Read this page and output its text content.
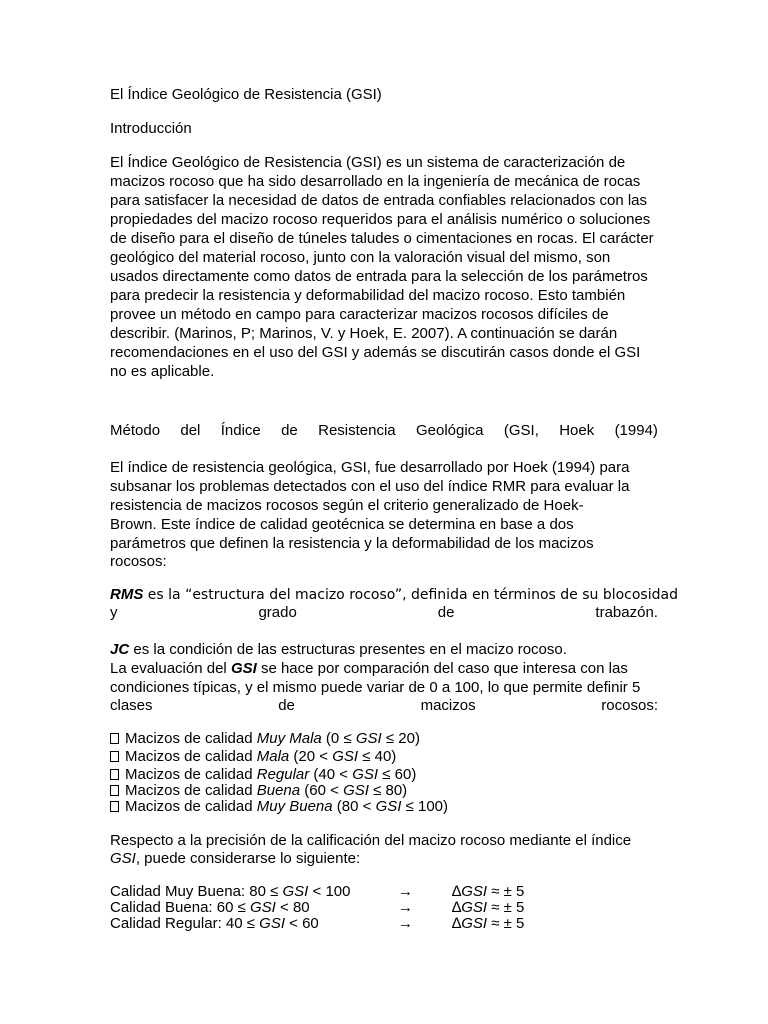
El Índice Geológico de Resistencia (GSI)
Introducción
El Índice Geológico de Resistencia (GSI) es un sistema de caracterización de
macizos rocoso que ha sido desarrollado en la ingeniería de mecánica de rocas
para satisfacer la necesidad de datos de entrada confiables relacionados con las
propiedades del macizo rocoso requeridos para el análisis numérico o soluciones
de diseño para el diseño de túneles taludes o cimentaciones en rocas. El carácter
geológico del material rocoso, junto con la valoración visual del mismo, son
usados directamente como datos de entrada para la selección de los parámetros
para predecir la resistencia y deformabilidad del macizo rocoso. Esto también
provee un método en campo para caracterizar macizos rocosos difíciles de
describir. (Marinos, P; Marinos, V. y Hoek, E. 2007). A continuación se darán
recomendaciones en el uso del GSI y además se discutirán casos donde el GSI
no es aplicable.
Método del Índice de Resistencia Geológica (GSI, Hoek (1994)
El índice de resistencia geológica, GSI, fue desarrollado por Hoek (1994) para
subsanar los problemas detectados con el uso del índice RMR para evaluar la
resistencia de macizos rocosos según el criterio generalizado de Hoek-
Brown. Este índice de calidad geotécnica se determina en base a dos
parámetros que definen la resistencia y la deformabilidad de los macizos
rocosos:
RMS es la “estructura del macizo rocoso”, definida en términos de su blocosidad
y	grado	de	trabazón.
JC es la condición de las estructuras presentes en el macizo rocoso.
La evaluación del GSI se hace por comparación del caso que interesa con las
condiciones típicas, y el mismo puede variar de 0 a 100, lo que permite definir 5
clases	de	macizos	rocosos:
Macizos de calidad Muy Mala (0 ≤ GSI ≤ 20)
Macizos de calidad Mala (20 < GSI ≤ 40)
Macizos de calidad Regular (40 < GSI ≤ 60)
Macizos de calidad Buena (60 < GSI ≤ 80)
Macizos de calidad Muy Buena (80 < GSI ≤ 100)
Respecto a la precisión de la calificación del macizo rocoso mediante el índice
GSI, puede considerarse lo siguiente:
Calidad Muy Buena: 80 ≤ GSI < 100	→	∆GSI ≈ ± 5
Calidad Buena: 60 ≤ GSI < 80	→	∆GSI ≈ ± 5
Calidad Regular: 40 ≤ GSI < 60	→	∆GSI ≈ ± 5
